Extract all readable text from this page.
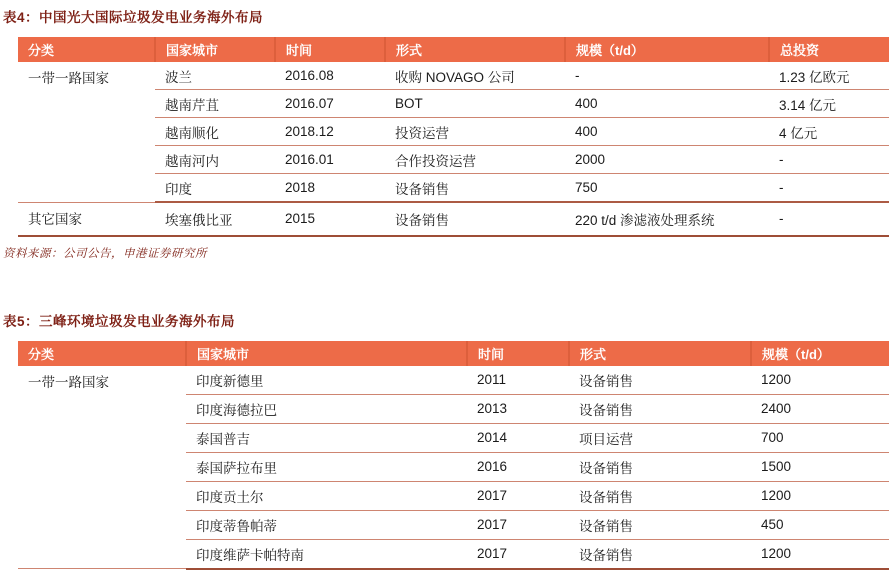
表4：中国光大国际垃圾发电业务海外布局
分类	国家城市	时间	形式	规模（t/d）	总投资
一带一路国家	波兰	2016.08	收购 NOVAGO 公司	-	1.23 亿欧元
	越南芹苴	2016.07	BOT	400	3.14 亿元
	越南顺化	2018.12	投资运营	400	4 亿元
	越南河内	2016.01	合作投资运营	2000	-
	印度	2018	设备销售	750	-
其它国家	埃塞俄比亚	2015	设备销售	220 t/d 渗滤液处理系统	-
资料来源：公司公告，申港证券研究所
表5：三峰环境垃圾发电业务海外布局
分类	国家城市	时间	形式	规模（t/d）
一带一路国家	印度新德里	2011	设备销售	1200
	印度海德拉巴	2013	设备销售	2400
	泰国普吉	2014	项目运营	700
	泰国萨拉布里	2016	设备销售	1500
	印度贡土尔	2017	设备销售	1200
	印度蒂鲁帕蒂	2017	设备销售	450
	印度维萨卡帕特南	2017	设备销售	1200
